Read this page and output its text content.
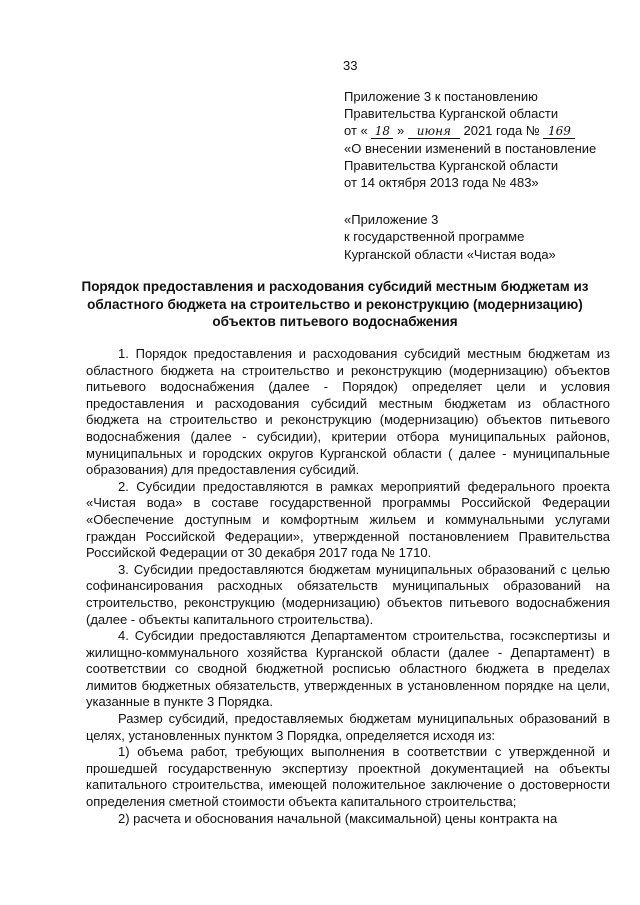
33

Приложение 3 к постановлению

Правительства Курганской области

от « 18 » июня 2021 года № 169

«О внесении изменений в постановление

Правительства Курганской области

от 14 октября 2013 года № 483»

«Приложение 3

к государственной программе

Курганской области «Чистая вода»

Порядок предоставления и расходования субсидий местным бюджетам из

областного бюджета на строительство и реконструкцию (модернизацию)

объектов питьевого водоснабжения

1. Порядок предоставления и расходования субсидий местным бюджетам из областного бюджета на строительство и реконструкцию (модернизацию) объектов питьевого водоснабжения (далее - Порядок) определяет цели и условия предоставления и расходования субсидий местным бюджетам из областного бюджета на строительство и реконструкцию (модернизацию) объектов питьевого водоснабжения (далее - субсидии), критерии отбора муниципальных районов, муниципальных и городских округов Курганской области ( далее - муниципальные образования) для предоставления субсидий.

2. Субсидии предоставляются в рамках мероприятий федерального проекта «Чистая вода» в составе государственной программы Российской Федерации «Обеспечение доступным и комфортным жильем и коммунальными услугами граждан Российской Федерации», утвержденной постановлением Правительства Российской Федерации от 30 декабря 2017 года № 1710.

3. Субсидии предоставляются бюджетам муниципальных образований с целью софинансирования расходных обязательств муниципальных образований на строительство, реконструкцию (модернизацию) объектов питьевого водоснабжения (далее - объекты капитального строительства).

4. Субсидии предоставляются Департаментом строительства, госэкспертизы и жилищно-коммунального хозяйства Курганской области (далее - Департамент) в соответствии со сводной бюджетной росписью областного бюджета в пределах лимитов бюджетных обязательств, утвержденных в установленном порядке на цели, указанные в пункте 3 Порядка.

Размер субсидий, предоставляемых бюджетам муниципальных образований в целях, установленных пунктом 3 Порядка, определяется исходя из:

1) объема работ, требующих выполнения в соответствии с утвержденной и прошедшей государственную экспертизу проектной документацией на объекты капитального строительства, имеющей положительное заключение о достоверности определения сметной стоимости объекта капитального строительства;

2) расчета и обоснования начальной (максимальной) цены контракта на
